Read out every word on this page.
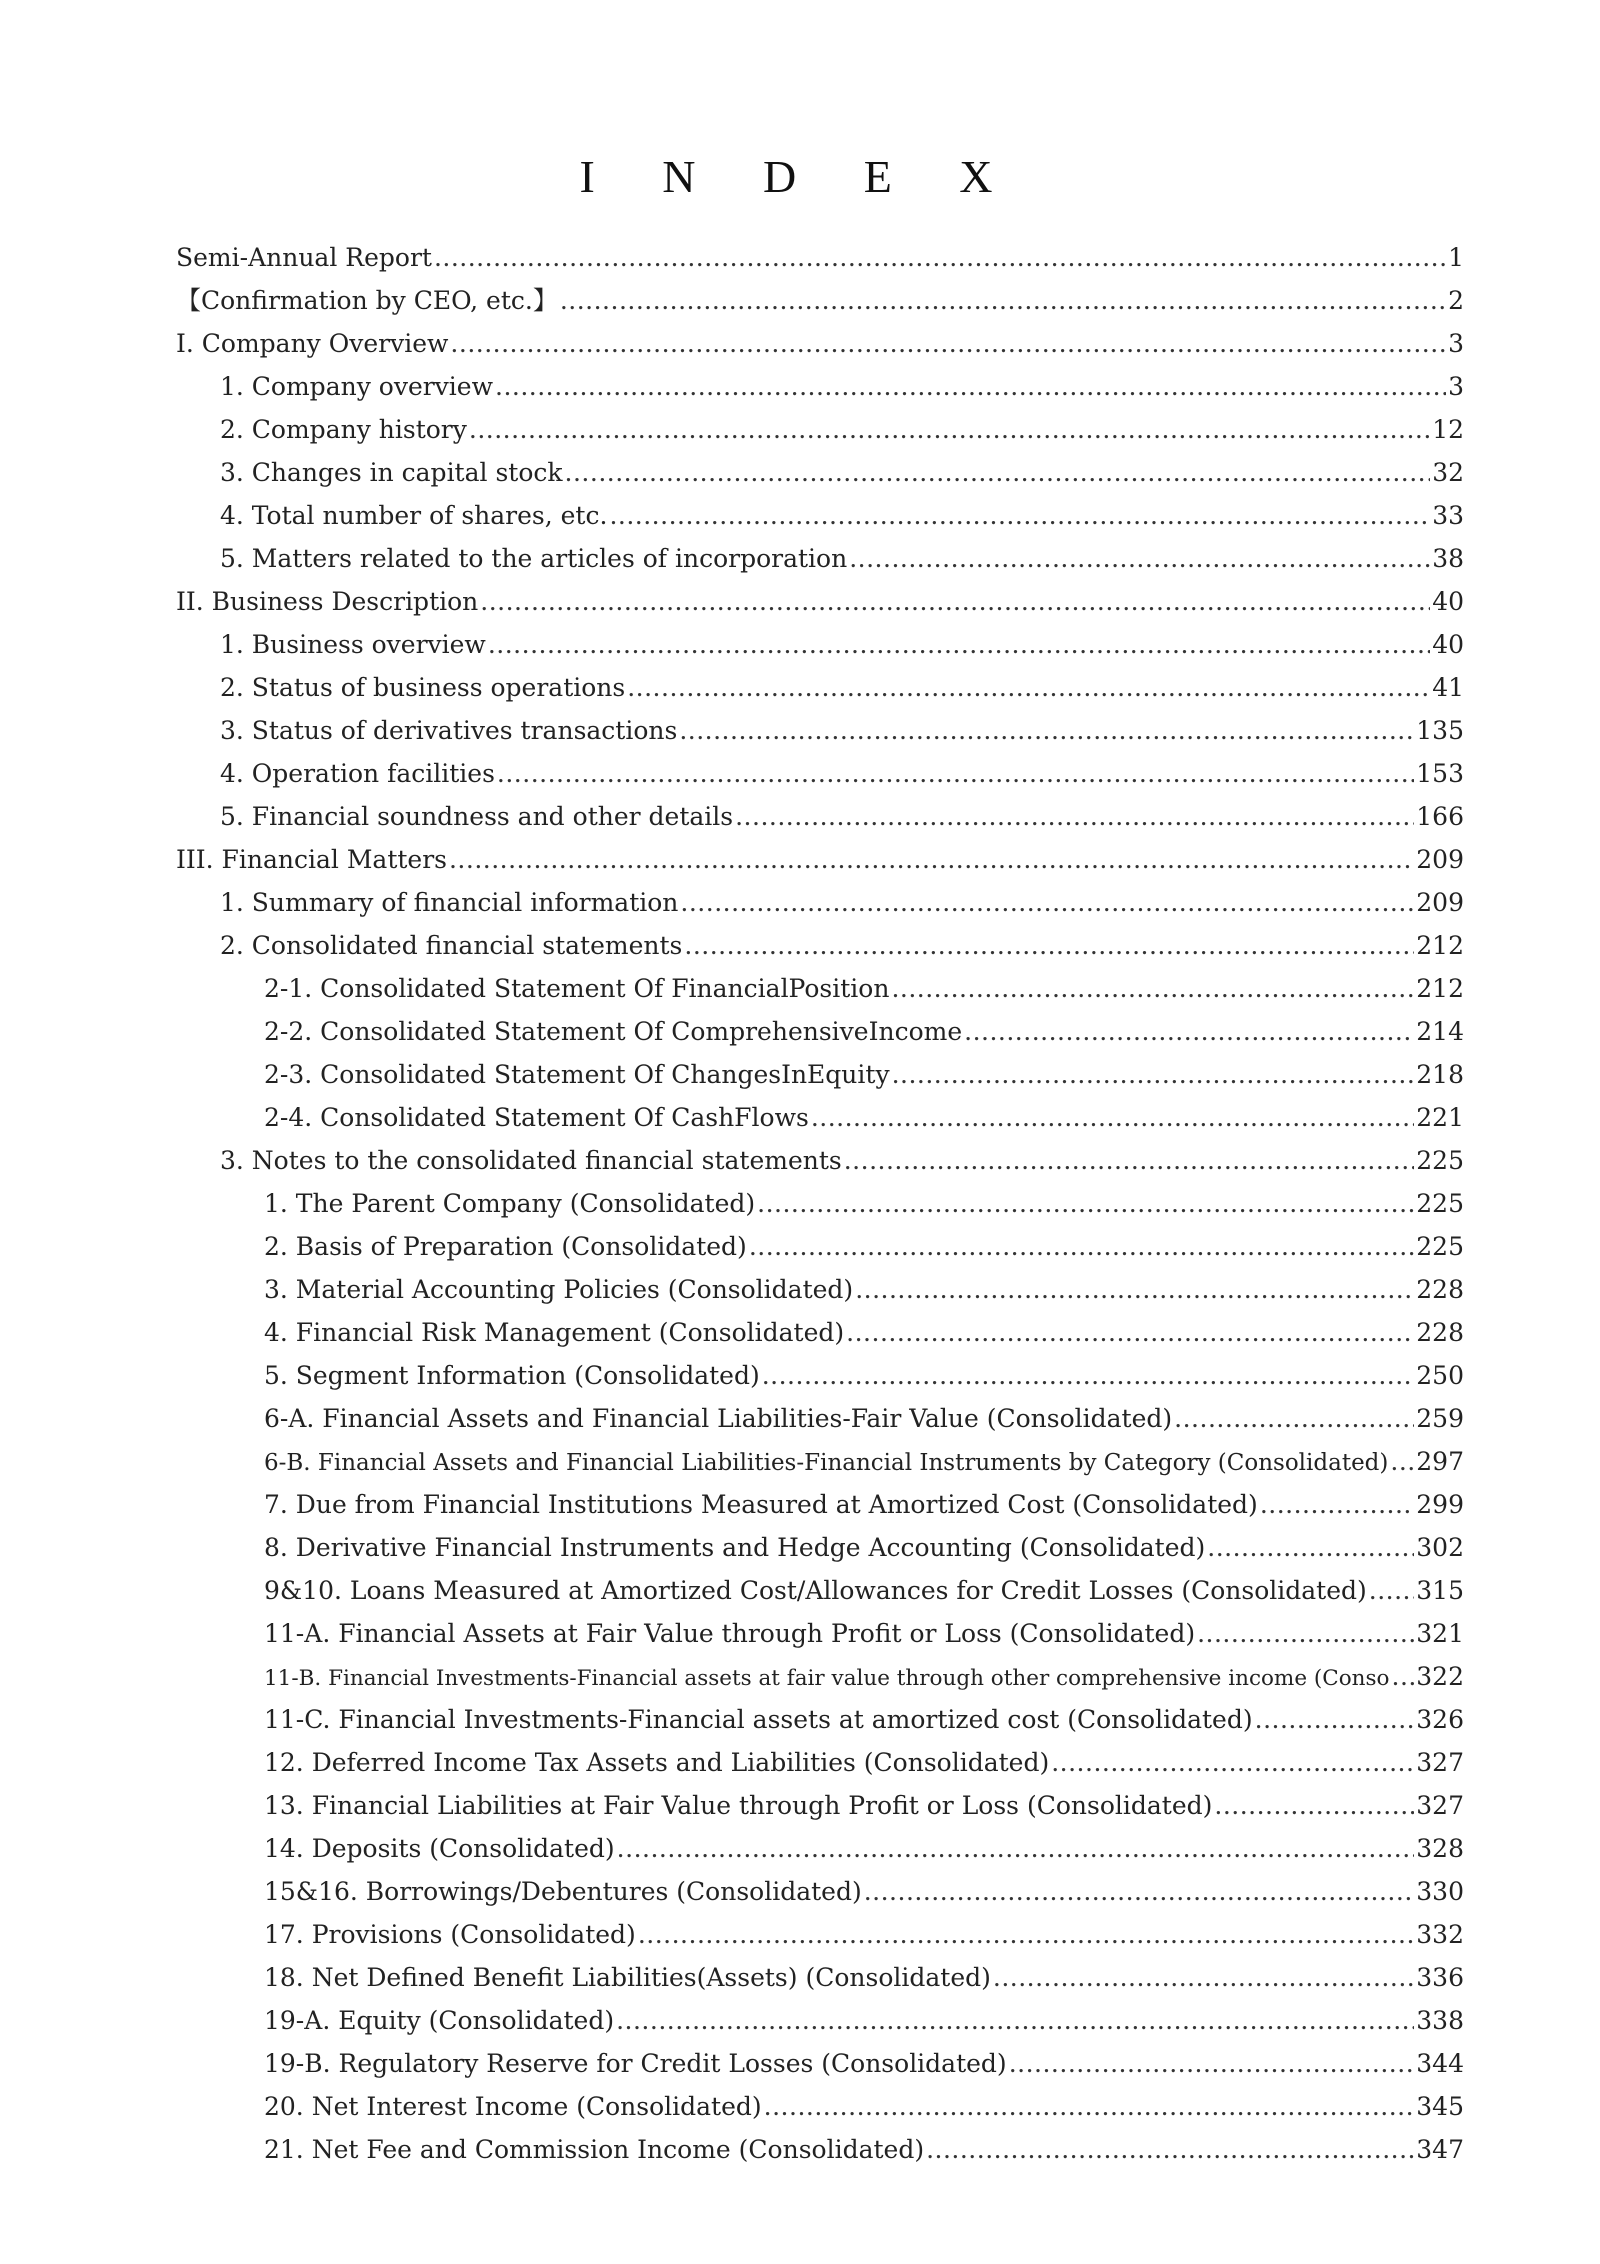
I N D E X
Semi-Annual Report .....	1
【Confirmation by CEO, etc.】 .....	2
I. Company Overview .....	3
1. Company overview .....	3
2. Company history .....	12
3. Changes in capital stock .....	32
4. Total number of shares, etc. .....	33
5. Matters related to the articles of incorporation .....	38
II. Business Description .....	40
1. Business overview .....	40
2. Status of business operations .....	41
3. Status of derivatives transactions .....	135
4. Operation facilities .....	153
5. Financial soundness and other details .....	166
III. Financial Matters .....	209
1. Summary of financial information .....	209
2. Consolidated financial statements .....	212
2-1. Consolidated Statement Of FinancialPosition .....	212
2-2. Consolidated Statement Of ComprehensiveIncome .....	214
2-3. Consolidated Statement Of ChangesInEquity .....	218
2-4. Consolidated Statement Of CashFlows .....	221
3. Notes to the consolidated financial statements .....	225
1. The Parent Company (Consolidated) .....	225
2. Basis of Preparation (Consolidated) .....	225
3. Material Accounting Policies (Consolidated) .....	228
4. Financial Risk Management (Consolidated) .....	228
5. Segment Information (Consolidated) .....	250
6-A. Financial Assets and Financial Liabilities-Fair Value (Consolidated) .....	259
6-B. Financial Assets and Financial Liabilities-Financial Instruments by Category (Consolidated) ..... 297
7. Due from Financial Institutions Measured at Amortized Cost (Consolidated) .....	299
8. Derivative Financial Instruments and Hedge Accounting (Consolidated) .....	302
9&10. Loans Measured at Amortized Cost/Allowances for Credit Losses (Consolidated) ..... 315
11-A. Financial Assets at Fair Value through Profit or Loss (Consolidated) .....	321
11-B. Financial Investments-Financial assets at fair value through other comprehensive income (Conso ..... 322
11-C. Financial Investments-Financial assets at amortized cost (Consolidated) .....	326
12. Deferred Income Tax Assets and Liabilities (Consolidated) .....	327
13. Financial Liabilities at Fair Value through Profit or Loss (Consolidated) .....	327
14. Deposits (Consolidated) .....	328
15&16. Borrowings/Debentures (Consolidated) .....	330
17. Provisions (Consolidated) .....	332
18. Net Defined Benefit Liabilities(Assets) (Consolidated) .....	336
19-A. Equity (Consolidated) .....	338
19-B. Regulatory Reserve for Credit Losses (Consolidated) .....	344
20. Net Interest Income (Consolidated) .....	345
21. Net Fee and Commission Income (Consolidated) .....	347
